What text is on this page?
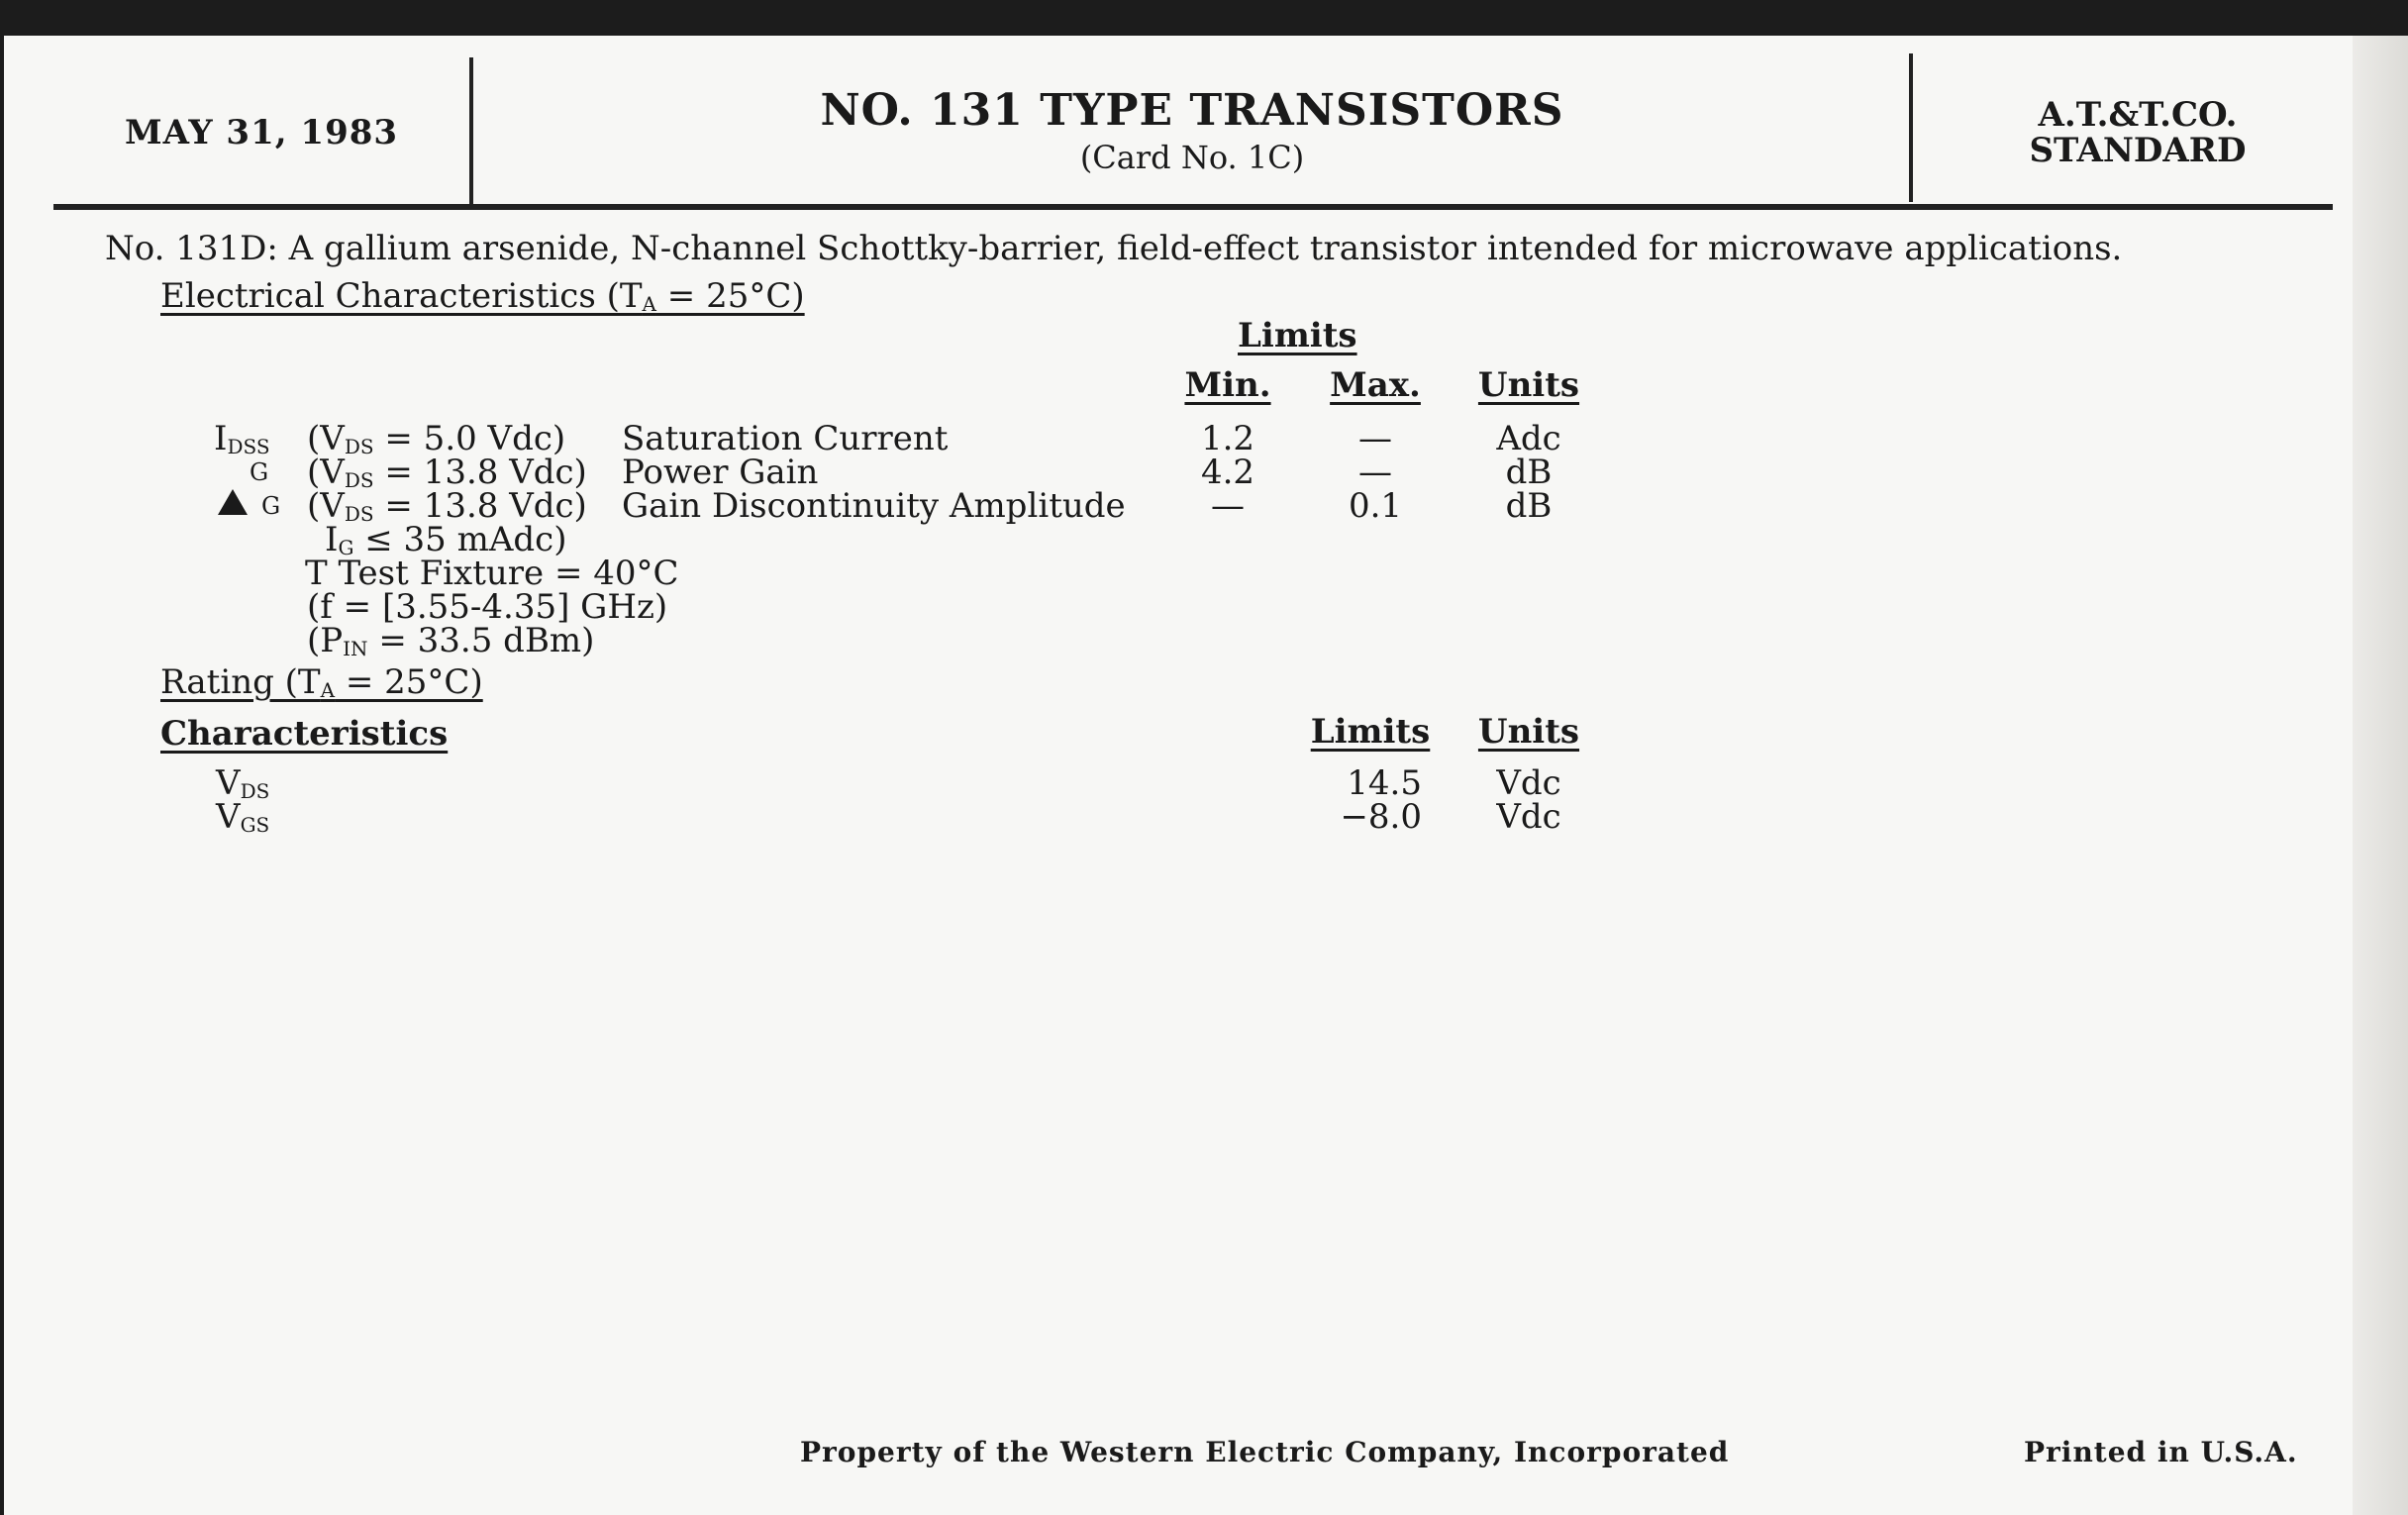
MAY 31, 1983	NO. 131 TYPE TRANSISTORS
(Card No. 1C)
A.T.&T.CO.
STANDARD
No. 131D: A gallium arsenide, N-channel Schottky-barrier, field-effect transistor intended for microwave applications.
Electrical Characteristics (TA = 25°C)
Limits
Min. Max. Units
IDSS (VDS = 5.0 Vdc) Saturation Current	1.2	—	Adc
G (VDS = 13.8 Vdc) Power Gain	4.2	—	dB
G (VDS = 13.8 Vdc) Gain Discontinuity Amplitude	—	0.1	dB
IG ≤ 35 mAdc)
T Test Fixture = 40°C
(f = [3.55-4.35] GHz)
(PIN = 33.5 dBm)
Rating (TA = 25°C)
Characteristics	Limits Units
VDS	14.5	Vdc
VGS	−8.0	Vdc
Property of the Western Electric Company, Incorporated	Printed in U.S.A.
